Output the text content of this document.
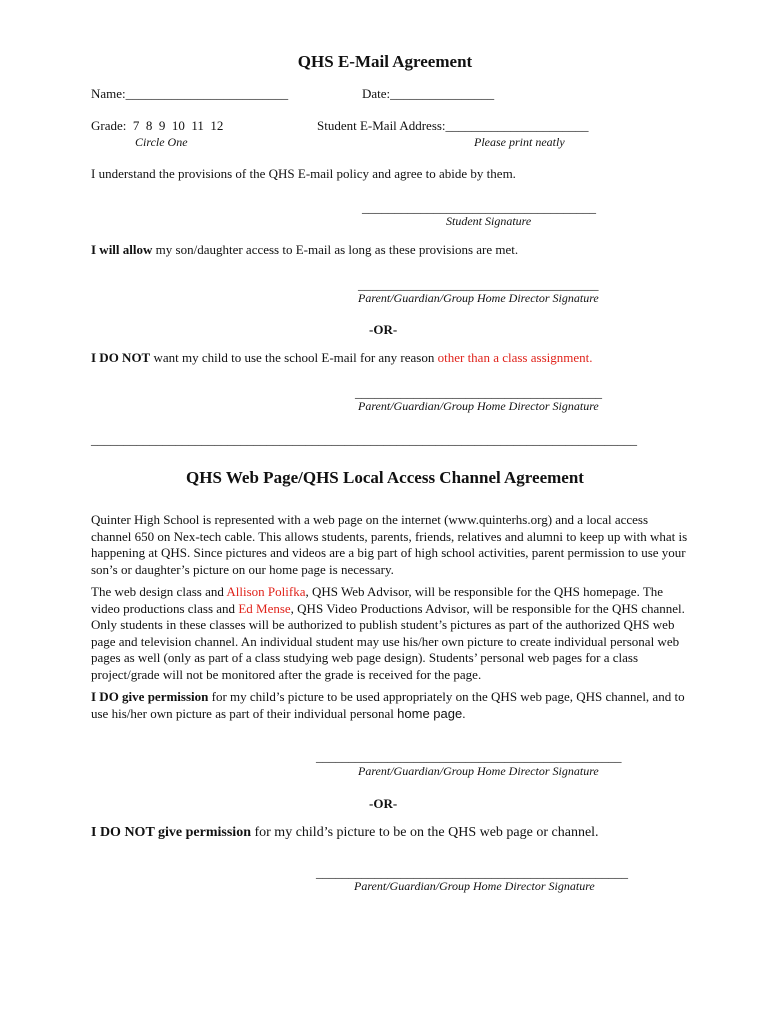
QHS E-Mail Agreement
Name:_________________________	Date:________________
Grade: 7  8  9  10  11  12
Circle One
Student E-Mail Address:______________________
Please print neatly
I understand the provisions of the QHS E-mail policy and agree to abide by them.
____________________________________
Student Signature
I will allow my son/daughter access to E-mail as long as these provisions are met.
_____________________________________
Parent/Guardian/Group Home Director Signature
-OR-
I DO NOT want my child to use the school E-mail for any reason other than a class assignment.
______________________________________
Parent/Guardian/Group Home Director Signature
____________________________________________________________________________________
QHS Web Page/QHS Local Access Channel Agreement

Quinter High School is represented with a web page on the internet (www.quinterhs.org) and a local access channel 650 on Nex-tech cable. This allows students, parents, friends, relatives and alumni to keep up with what is happening at QHS. Since pictures and videos are a big part of high school activities, parent permission to use your son’s or daughter’s picture on our home page is necessary.

The web design class and Allison Polifka, QHS Web Advisor, will be responsible for the QHS homepage. The video productions class and Ed Mense, QHS Video Productions Advisor, will be responsible for the QHS channel. Only students in these classes will be authorized to publish student’s pictures as part of the authorized QHS web page and television channel. An individual student may use his/her own picture to create individual personal web pages as well (only as part of a class studying web page design). Students’ personal web pages for a class project/grade will not be monitored after the grade is received for the page.

I DO give permission for my child’s picture to be used appropriately on the QHS web page, QHS channel, and to use his/her own picture as part of their individual personal home page.

_______________________________________________
Parent/Guardian/Group Home Director Signature
-OR-
I DO NOT give permission for my child’s picture to be on the QHS web page or channel.
________________________________________________
Parent/Guardian/Group Home Director Signature
